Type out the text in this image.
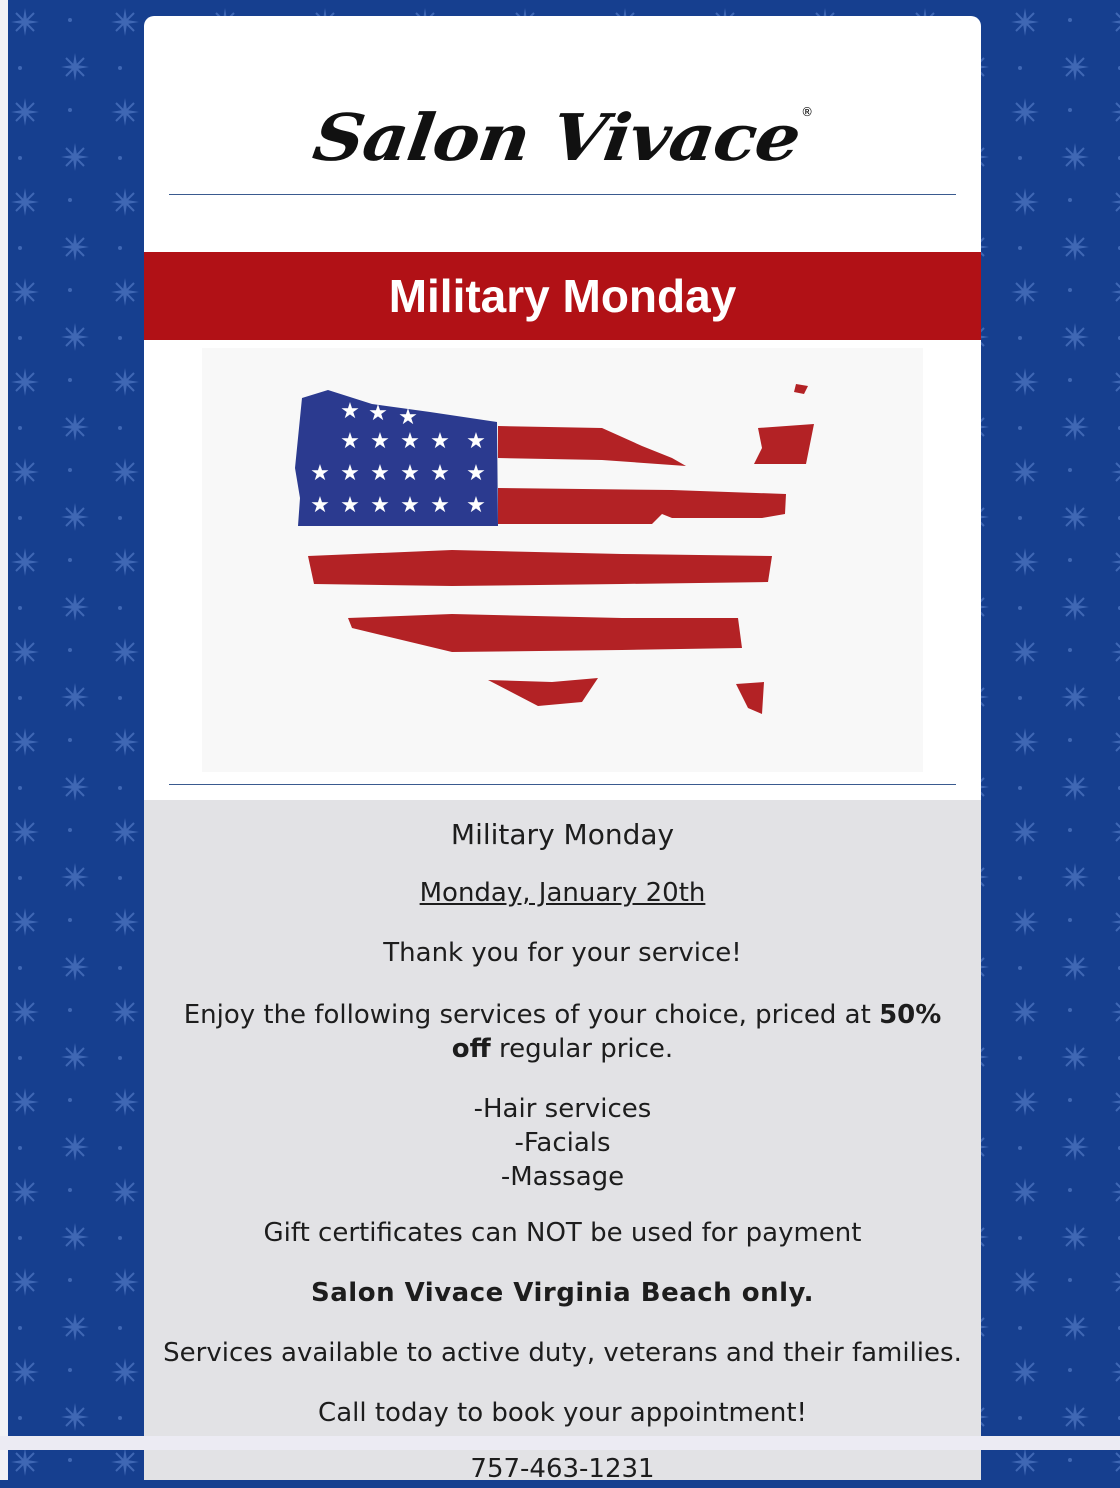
Salon Vivace®
Military Monday
★ ★ ★
★ ★ ★ ★ ★
★ ★ ★ ★ ★ ★
★ ★ ★ ★ ★ ★

Military Monday

Monday, January 20th

Thank you for your service!

Enjoy the following services of your choice, priced at 50% off regular price.

-Hair services
-Facials
-Massage

Gift certificates can NOT be used for payment

Salon Vivace Virginia Beach only.

Services available to active duty, veterans and their families.

Call today to book your appointment!

757-463-1231
